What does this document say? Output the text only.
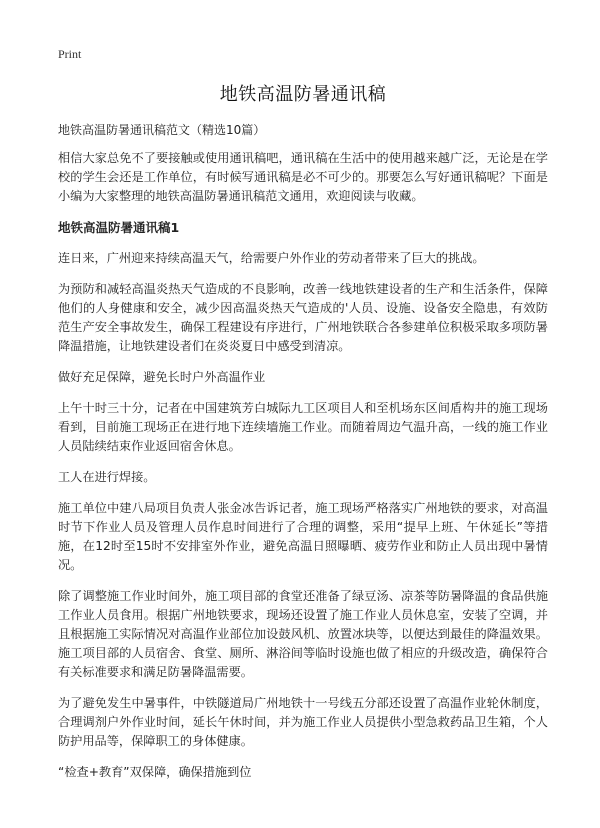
Print
地铁高温防暑通讯稿

地铁高温防暑通讯稿范文（精选10篇）

相信大家总免不了要接触或使用通讯稿吧，通讯稿在生活中的使用越来越广泛，无论是在学校的学生会还是工作单位，有时候写通讯稿是必不可少的。那要怎么写好通讯稿呢？下面是小编为大家整理的地铁高温防暑通讯稿范文通用，欢迎阅读与收藏。

地铁高温防暑通讯稿1

连日来，广州迎来持续高温天气，给需要户外作业的劳动者带来了巨大的挑战。

为预防和减轻高温炎热天气造成的不良影响，改善一线地铁建设者的生产和生活条件，保障他们的人身健康和安全，减少因高温炎热天气造成的'人员、设施、设备安全隐患，有效防范生产安全事故发生，确保工程建设有序进行，广州地铁联合各参建单位积极采取多项防暑降温措施，让地铁建设者们在炎炎夏日中感受到清凉。

做好充足保障，避免长时户外高温作业

上午十时三十分，记者在中国建筑芳白城际九工区项目人和至机场东区间盾构井的施工现场看到，目前施工现场正在进行地下连续墙施工作业。而随着周边气温升高，一线的施工作业人员陆续结束作业返回宿舍休息。

工人在进行焊接。

施工单位中建八局项目负责人张金冰告诉记者，施工现场严格落实广州地铁的要求，对高温时节下作业人员及管理人员作息时间进行了合理的调整，采用“提早上班、午休延长”等措施，在12时至15时不安排室外作业，避免高温日照曝晒、疲劳作业和防止人员出现中暑情况。

除了调整施工作业时间外，施工项目部的食堂还准备了绿豆汤、凉茶等防暑降温的食品供施工作业人员食用。根据广州地铁要求，现场还设置了施工作业人员休息室，安装了空调，并且根据施工实际情况对高温作业部位加设鼓风机、放置冰块等，以便达到最佳的降温效果。施工项目部的人员宿舍、食堂、厕所、淋浴间等临时设施也做了相应的升级改造，确保符合有关标准要求和满足防暑降温需要。

为了避免发生中暑事件，中铁隧道局广州地铁十一号线五分部还设置了高温作业轮休制度，合理调剂户外作业时间，延长午休时间，并为施工作业人员提供小型急救药品卫生箱，个人防护用品等，保障职工的身体健康。

“检查+教育”双保障，确保措施到位
